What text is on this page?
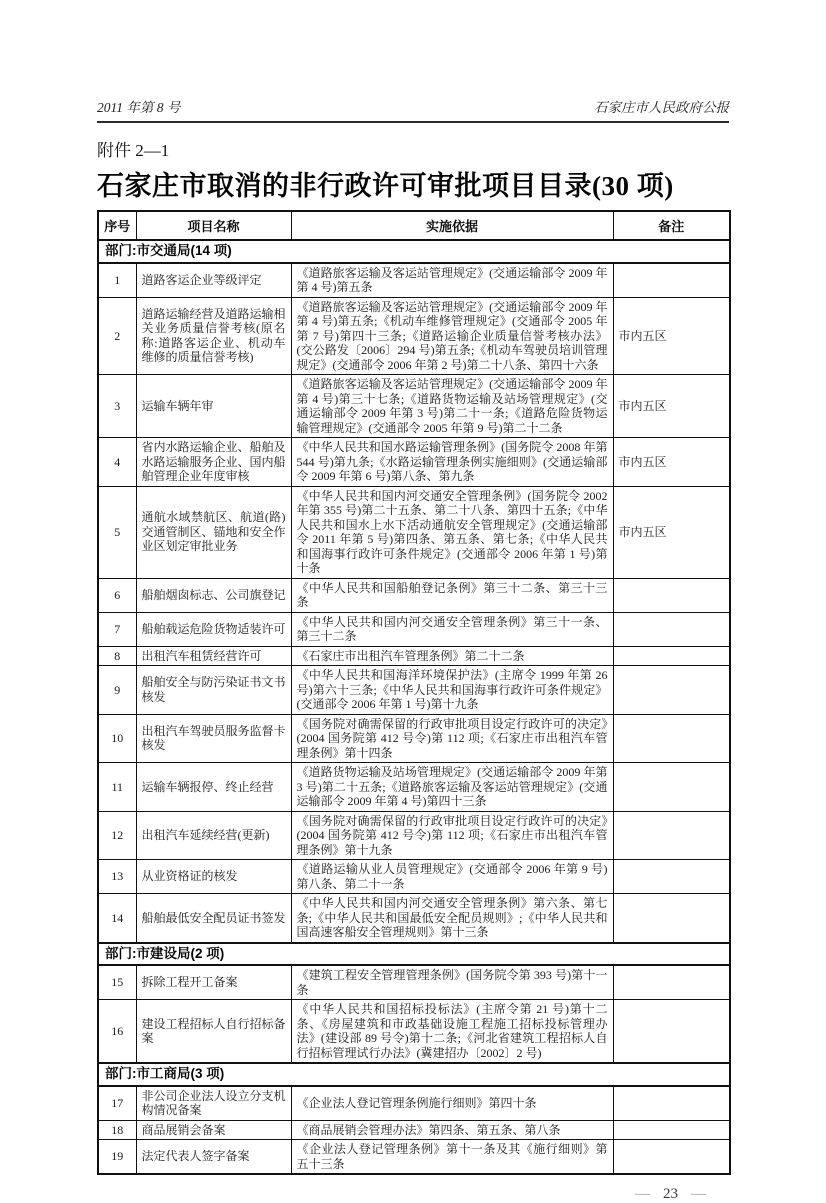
2011 年第 8 号	石家庄市人民政府公报
附件 2—1
石家庄市取消的非行政许可审批项目目录(30 项)
序号	项目名称	实施依据	备注
部门:市交通局(14 项)			
1	道路客运企业等级评定	《道路旅客运输及客运站管理规定》(交通运输部令 2009 年第 4 号)第五条	
2	道路运输经营及道路运输相关业务质量信誉考核(原名称:道路客运企业、机动车维修的质量信誉考核)	《道路旅客运输及客运站管理规定》(交通运输部令 2009 年第 4 号)第五条;《机动车维修管理规定》(交通部令 2005 年第 7 号)第四十三条;《道路运输企业质量信誉考核办法》(交公路发〔2006〕294 号)第五条;《机动车驾驶员培训管理规定》(交通部令 2006 年第 2 号)第二十八条、第四十六条	市内五区
3	运输车辆年审	《道路旅客运输及客运站管理规定》(交通运输部令 2009 年第 4 号)第三十七条;《道路货物运输及站场管理规定》(交通运输部令 2009 年第 3 号)第二十一条;《道路危险货物运输管理规定》(交通部令 2005 年第 9 号)第二十二条	市内五区
4	省内水路运输企业、船舶及水路运输服务企业、国内船舶管理企业年度审核	《中华人民共和国水路运输管理条例》(国务院令 2008 年第 544 号)第九条;《水路运输管理条例实施细则》(交通运输部令 2009 年第 6 号)第八条、第九条	市内五区
5	通航水域禁航区、航道(路)交通管制区、锚地和安全作业区划定审批业务	《中华人民共和国内河交通安全管理条例》(国务院令 2002 年第 355 号)第二十五条、第二十八条、第四十五条;《中华人民共和国水上水下活动通航安全管理规定》(交通运输部令 2011 年第 5 号)第四条、第五条、第七条;《中华人民共和国海事行政许可条件规定》(交通部令 2006 年第 1 号)第十条	市内五区
6	船舶烟囱标志、公司旗登记	《中华人民共和国船舶登记条例》第三十二条、第三十三条	
7	船舶载运危险货物适装许可	《中华人民共和国内河交通安全管理条例》第三十一条、第三十二条	
8	出租汽车租赁经营许可	《石家庄市出租汽车管理条例》第二十二条	
9	船舶安全与防污染证书文书核发	《中华人民共和国海洋环境保护法》(主席令 1999 年第 26 号)第六十三条;《中华人民共和国海事行政许可条件规定》(交通部令 2006 年第 1 号)第十九条	
10	出租汽车驾驶员服务监督卡核发	《国务院对确需保留的行政审批项目设定行政许可的决定》(2004 国务院第 412 号令)第 112 项;《石家庄市出租汽车管理条例》第十四条	
11	运输车辆报停、终止经营	《道路货物运输及站场管理规定》(交通运输部令 2009 年第 3 号)第二十五条;《道路旅客运输及客运站管理规定》(交通运输部令 2009 年第 4 号)第四十三条	
12	出租汽车延续经营(更新)	《国务院对确需保留的行政审批项目设定行政许可的决定》(2004 国务院第 412 号令)第 112 项;《石家庄市出租汽车管理条例》第十九条	
13	从业资格证的核发	《道路运输从业人员管理规定》(交通部令 2006 年第 9 号)第八条、第二十一条	
14	船舶最低安全配员证书签发	《中华人民共和国内河交通安全管理条例》第六条、第七条;《中华人民共和国最低安全配员规则》;《中华人民共和国高速客船安全管理规则》第十三条	
部门:市建设局(2 项)			
15	拆除工程开工备案	《建筑工程安全管理管理条例》(国务院令第 393 号)第十一条	
16	建设工程招标人自行招标备案	《中华人民共和国招标投标法》(主席令第 21 号)第十二条、《房屋建筑和市政基础设施工程施工招标投标管理办法》(建设部 89 号令)第十二条;《河北省建筑工程招标人自行招标管理试行办法》(冀建招办〔2002〕2 号)	
部门:市工商局(3 项)			
17	非公司企业法人设立分支机构情况备案	《企业法人登记管理条例施行细则》第四十条	
18	商品展销会备案	《商品展销会管理办法》第四条、第五条、第八条	
19	法定代表人签字备案	《企业法人登记管理条例》第十一条及其《施行细则》第五十三条	
— 23 —
